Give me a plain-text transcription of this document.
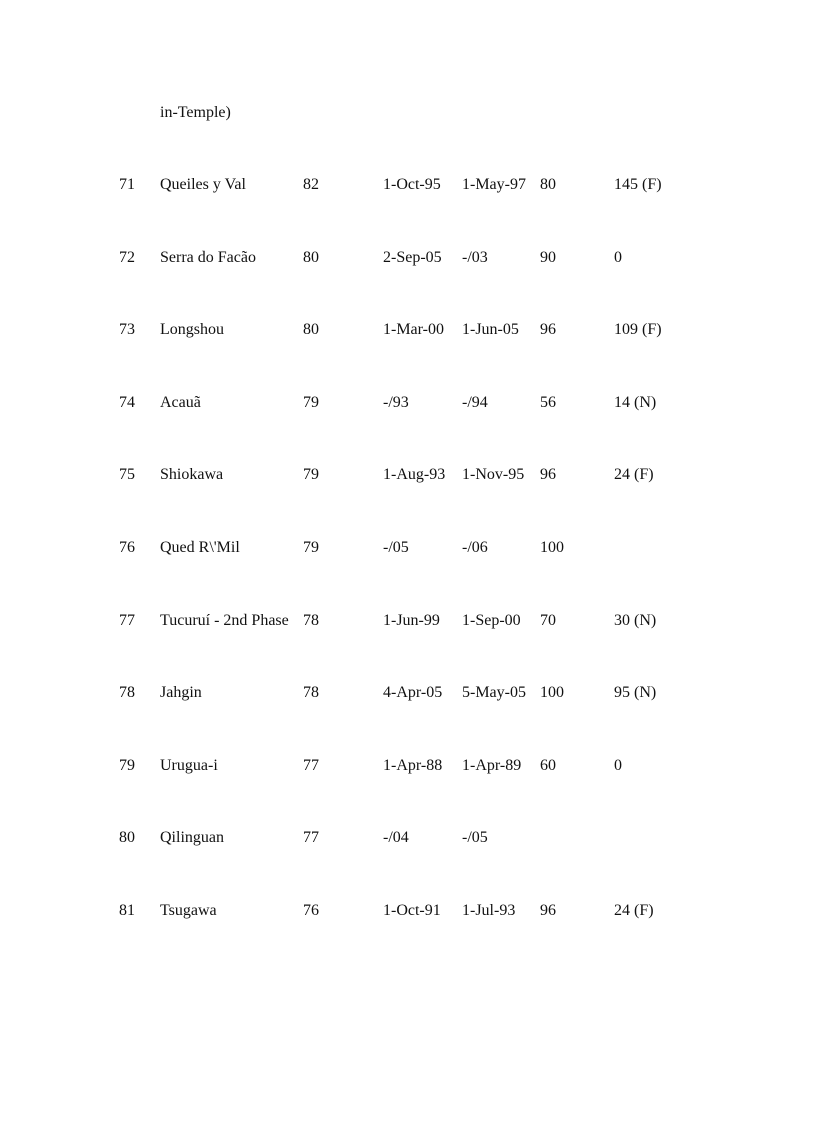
in-Temple)
71 Queiles y Val	82	1-Oct-95 1-May-97 80	145 (F)
72 Serra do Facão	80	2-Sep-05 -/03	90	0
73 Longshou	80	1-Mar-00 1-Jun-05 96	109 (F)
74 Acauã	79	-/93	-/94	56	14 (N)
75 Shiokawa	79	1-Aug-93 1-Nov-95 96	24 (F)
76 Qued R\'Mil	79	-/05	-/06	100
77 Tucuruí - 2nd Phase 78	1-Jun-99 1-Sep-00 70	30 (N)
78 Jahgin	78	4-Apr-05 5-May-05 100	95 (N)
79 Urugua-i	77	1-Apr-88 1-Apr-89 60	0
80 Qilinguan	77	-/04	-/05
81 Tsugawa	76	1-Oct-91 1-Jul-93 96	24 (F)
